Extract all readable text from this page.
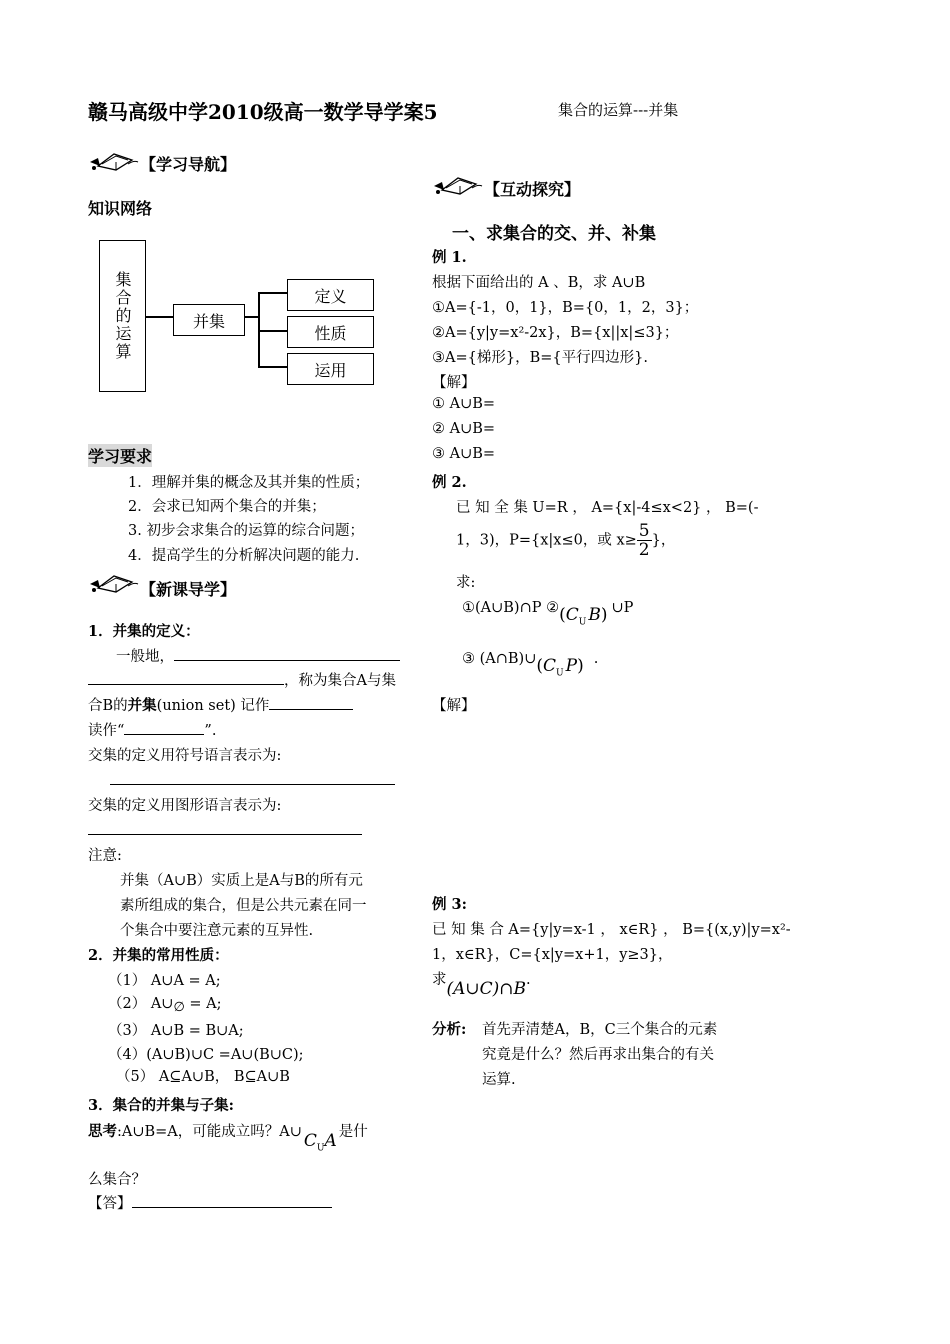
赣马高级中学2010级高一数学导学案5	集合的运算---并集
【学习导航】
知识网络
集合的运算	并集
定义
性质
运用
学习要求
1．理解并集的概念及其并集的性质；
2．会求已知两个集合的并集；
3. 初步会求集合的运算的综合问题；
4．提高学生的分析解决问题的能力.
【新课导学】
1．并集的定义：
一般地，
，称为集合A与集
合B的并集(union set) 记作
读作“	”.
交集的定义用符号语言表示为:
交集的定义用图形语言表示为:
注意:
并集（A∪B）实质上是A与B的所有元
素所组成的集合，但是公共元素在同一
个集合中要注意元素的互异性.
2．并集的常用性质：
（1） A∪A = A;
（2） A∪∅ = A;
（3） A∪B = B∪A;
（4）(A∪B)∪C =A∪(B∪C);
（5） A⊆A∪B， B⊆A∪B
3．集合的并集与子集:
思考:A∪B=A，可能成立吗？A∪ $C_UA$ 是什
么集合？
【答】
【互动探究】
一、求集合的交、并、补集
例 1.
根据下面给出的 A 、B，求 A∪B
①A={-1，0，1}，B={0，1，2，3}；
②A={y|y=x²-2x}，B={x||x|≤3}；
③A={梯形}，B={平行四边形}.
【解】
① A∪B=
② A∪B=
③ A∪B=
例 2.
已 知 全 集 U=R ， A={x|-4≤x<2} ， B=(-
1，3)，P={x|x≤0，或 $x\ge \frac{5}{2}$ }，
求:
①(A∪B)∩P $②(C_U$ B) ∪P
③ $(A\cap B)\cup(C_U$ P) .
【解】
例 3:
已 知 集 合 A={y|y=x-1 ， x∈R} ， B={(x,y)|y=x²-
1，x∈R}，C={x|y=x+1，y≥3}，
求(A∪C)∩B.
分析: 首先弄清楚A，B，C三个集合的元素
究竟是什么？然后再求出集合的有关
运算.
